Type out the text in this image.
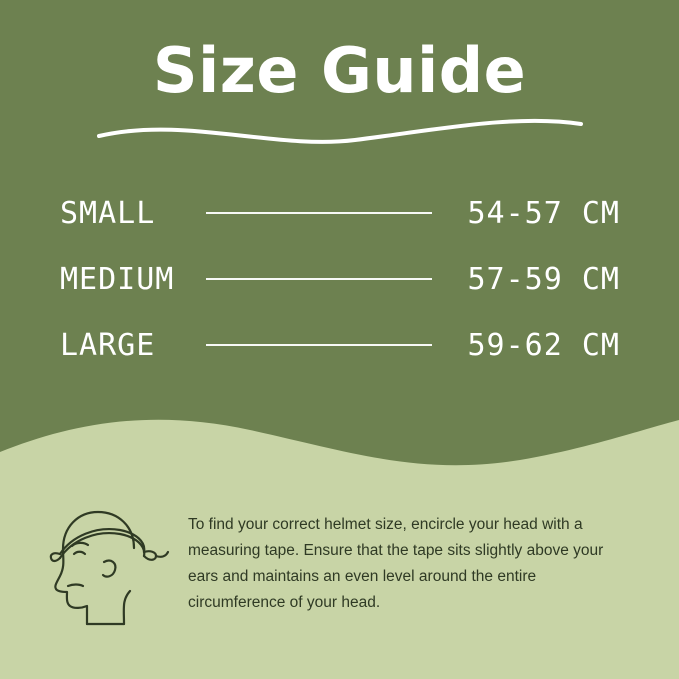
Size Guide
SMALL	54-57 CM
MEDIUM	57-59 CM
LARGE	59-62 CM
To find your correct helmet size, encircle your head with a measuring tape. Ensure that the tape sits slightly above your ears and maintains an even level around the entire circumference of your head.
